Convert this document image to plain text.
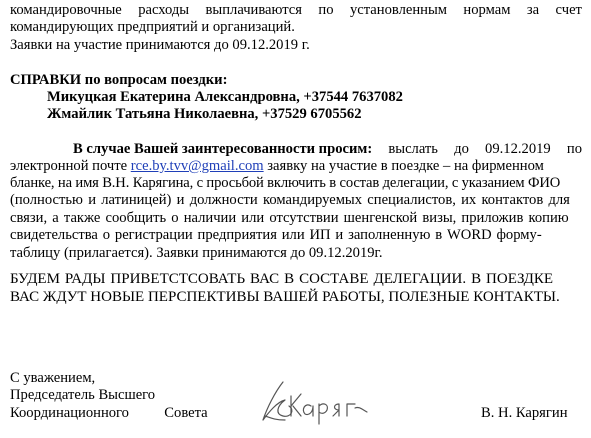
командировочные расходы выплачиваются по установленным нормам за счет
командирующих предприятий и организаций.
Заявки на участие принимаются до 09.12.2019 г.
СПРАВКИ по вопросам поездки:
Микуцкая Екатерина Александровна, +37544 7637082
Жмайлик Татьяна Николаевна, +37529 6705562
В случае Вашей заинтересованности просим: выслать до 09.12.2019 по
электронной почте rce.by.tvv@gmail.com заявку на участие в поездке – на фирменном
бланке, на имя В.Н. Карягина, с просьбой включить в состав делегации, с указанием ФИО
(полностью и латиницей) и должности командируемых специалистов, их контактов для
связи, а также сообщить о наличии или отсутствии шенгенской визы, приложив копию
свидетельства о регистрации предприятия или ИП и заполненную в WORD форму-
таблицу (прилагается). Заявки принимаются до 09.12.2019г.
БУДЕМ РАДЫ ПРИВЕТСТСОВАТЬ ВАС В СОСТАВЕ ДЕЛЕГАЦИИ. В ПОЕЗДКЕ
ВАС ЖДУТ НОВЫЕ ПЕРСПЕКТИВЫ ВАШЕЙ РАБОТЫ, ПОЛЕЗНЫЕ КОНТАКТЫ.
С уважением,
Председатель Высшего
Координационного Совета	В. Н. Карягин
